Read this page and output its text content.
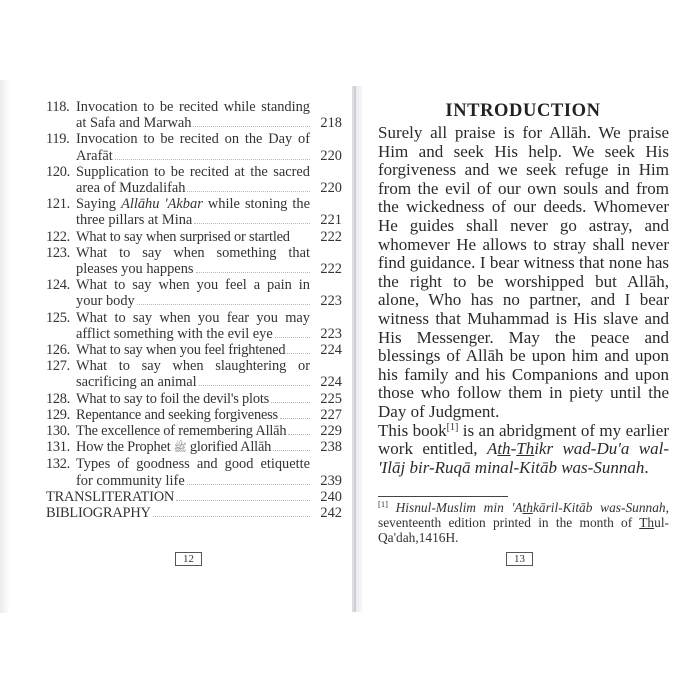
118. Invocation to be recited while standing
at Safa and Marwah	218
119. Invocation to be recited on the Day of
Arafāt	220
120. Supplication to be recited at the sacred
area of Muzdalifah	220
121. Saying Allāhu 'Akbar while stoning the
three pillars at Mina	221
122. What to say when surprised or startled 222
123. What to say when something that
pleases you happens	222
124. What to say when you feel a pain in
your body	223
125. What to say when you fear you may
afflict something with the evil eye	223
126. What to say when you feel frightened 224
127. What to say when slaughtering or
sacrificing an animal	224
128. What to say to foil the devil's plots	225
129. Repentance and seeking forgiveness	227
130. The excellence of remembering Allāh 229
131. How the Prophet ﷺ glorified Allāh	238
132. Types of goodness and good etiquette
for community life	239
TRANSLITERATION	240
BIBLIOGRAPHY	242
12
INTRODUCTION

Surely all praise is for Allāh. We praise Him and seek His help. We seek His forgiveness and we seek refuge in Him from the evil of our own souls and from the wickedness of our deeds. Whomever He guides shall never go astray, and whomever He allows to stray shall never find guidance. I bear witness that none has the right to be worshipped but Allāh, alone, Who has no partner, and I bear witness that Muhammad is His slave and His Messenger. May the peace and blessings of Allāh be upon him and upon his family and his Companions and upon those who follow them in piety until the Day of Judgment.

This book[1] is an abridgment of my earlier work entitled, Ath-Thikr wad-Du'a wal-'Ilāj bir-Ruqā minal-Kitāb was-Sunnah.

[1] Hisnul-Muslim min 'Athkāril-Kitāb was-Sunnah, seventeenth edition printed in the month of Thul-Qa'dah,1416H.
13
